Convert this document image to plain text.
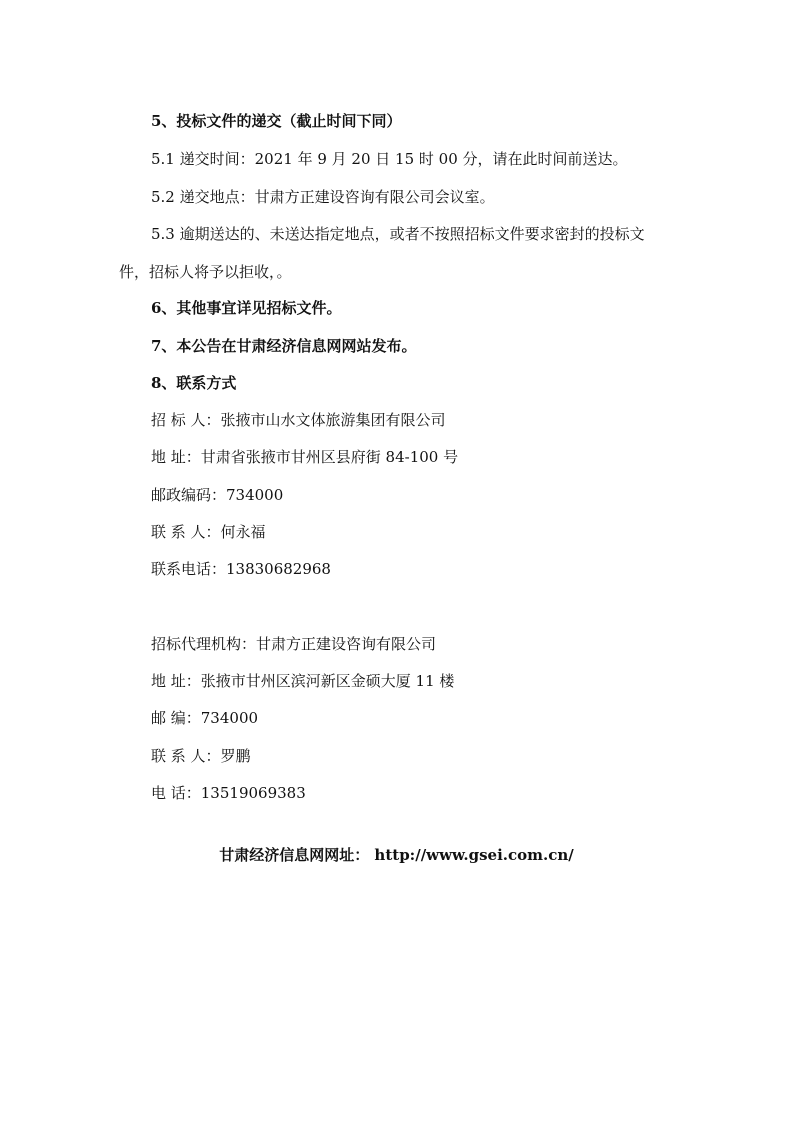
5、投标文件的递交（截止时间下同）
5.1 递交时间：2021 年 9 月 20 日 15 时 00 分，请在此时间前送达。
5.2 递交地点：甘肃方正建设咨询有限公司会议室。
5.3 逾期送达的、未送达指定地点，或者不按照招标文件要求密封的投标文
件，招标人将予以拒收，。
6、其他事宜详见招标文件。
7、本公告在甘肃经济信息网网站发布。
8、联系方式
招 标 人：张掖市山水文体旅游集团有限公司
地 址：甘肃省张掖市甘州区县府街 84-100 号
邮政编码：734000
联 系 人：何永福
联系电话：13830682968
招标代理机构：甘肃方正建设咨询有限公司
地 址：张掖市甘州区滨河新区金硕大厦 11 楼
邮 编：734000
联 系 人：罗鹏
电 话：13519069383
甘肃经济信息网网址： http://www.gsei.com.cn/
